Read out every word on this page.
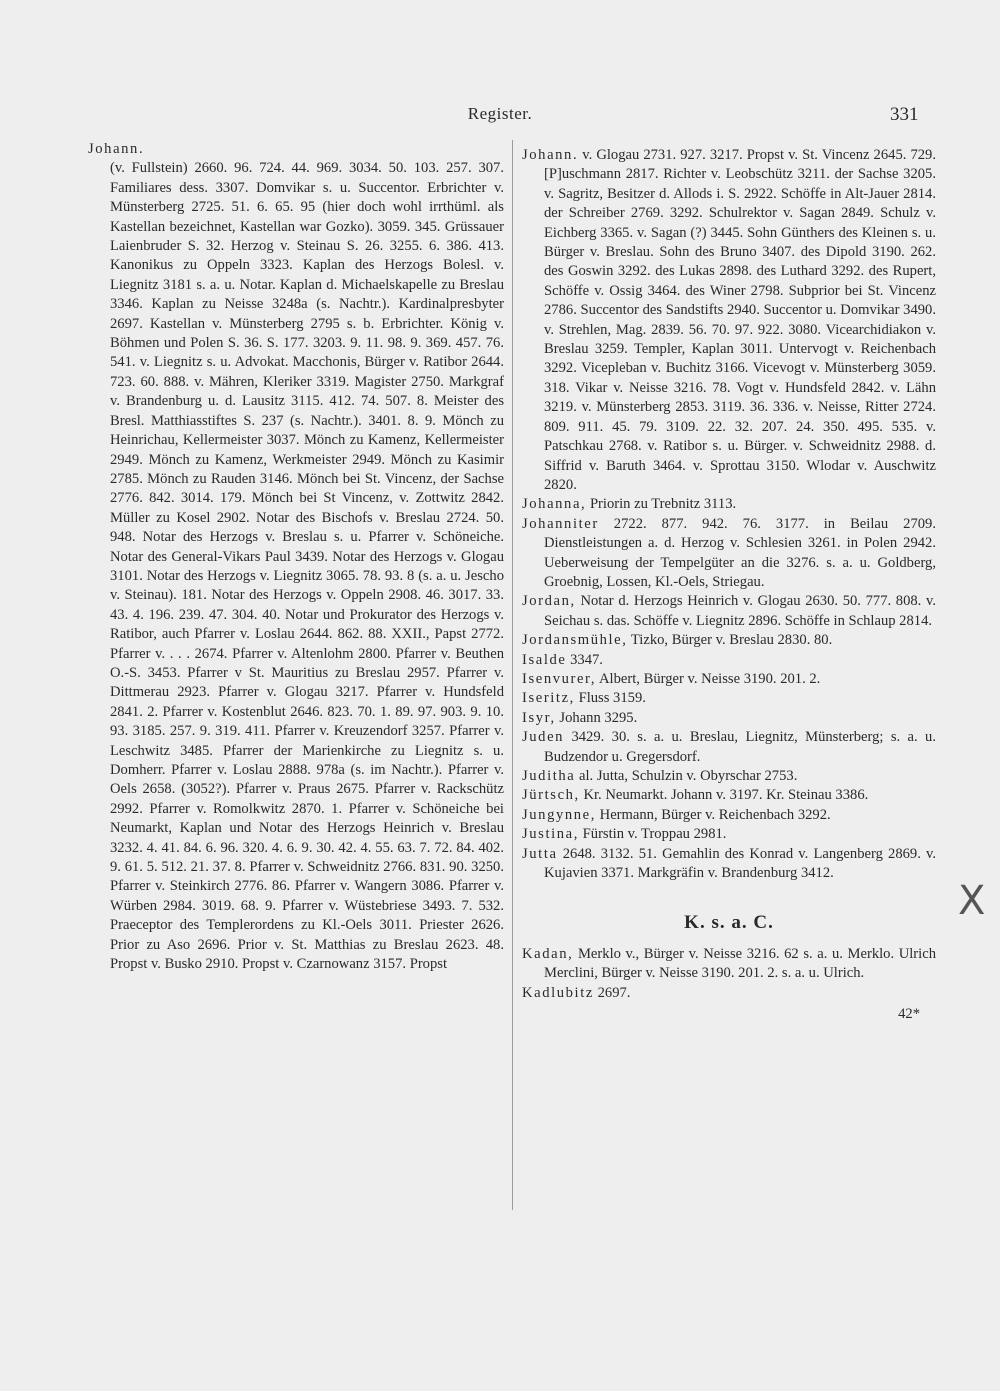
Register.	331
Johann.
(v. Fullstein) 2660. 96. 724. 44. 969. 3034. 50. 103. 257. 307. Familiares dess. 3307. Domvikar s. u. Succentor. Erbrichter v. Münsterberg 2725. 51. 6. 65. 95 (hier doch wohl irrthüml. als Kastellan bezeichnet, Kastellan war Gozko). 3059. 345. Grüssauer Laienbruder S. 32. Herzog v. Steinau S. 26. 3255. 6. 386. 413. Kanonikus zu Oppeln 3323. Kaplan des Herzogs Bolesl. v. Liegnitz 3181 s. a. u. Notar. Kaplan d. Michaelskapelle zu Breslau 3346. Kaplan zu Neisse 3248a (s. Nachtr.). Kardinalpresbyter 2697. Kastellan v. Münsterberg 2795 s. b. Erbrichter. König v. Böhmen und Polen S. 36. S. 177. 3203. 9. 11. 98. 9. 369. 457. 76. 541. v. Liegnitz s. u. Advokat. Macchonis, Bürger v. Ratibor 2644. 723. 60. 888. v. Mähren, Kleriker 3319. Magister 2750. Markgraf v. Brandenburg u. d. Lausitz 3115. 412. 74. 507. 8. Meister des Bresl. Matthiasstiftes S. 237 (s. Nachtr.). 3401. 8. 9. Mönch zu Heinrichau, Kellermeister 3037. Mönch zu Kamenz, Kellermeister 2949. Mönch zu Kamenz, Werkmeister 2949. Mönch zu Kasimir 2785. Mönch zu Rauden 3146. Mönch bei St. Vincenz, der Sachse 2776. 842. 3014. 179. Mönch bei St Vincenz, v. Zottwitz 2842. Müller zu Kosel 2902. Notar des Bischofs v. Breslau 2724. 50. 948. Notar des Herzogs v. Breslau s. u. Pfarrer v. Schöneiche. Notar des General-Vikars Paul 3439. Notar des Herzogs v. Glogau 3101. Notar des Herzogs v. Liegnitz 3065. 78. 93. 8 (s. a. u. Jescho v. Steinau). 181. Notar des Herzogs v. Oppeln 2908. 46. 3017. 33. 43. 4. 196. 239. 47. 304. 40. Notar und Prokurator des Herzogs v. Ratibor, auch Pfarrer v. Loslau 2644. 862. 88. XXII., Papst 2772. Pfarrer v. . . . 2674. Pfarrer v. Altenlohm 2800. Pfarrer v. Beuthen O.-S. 3453. Pfarrer v St. Mauritius zu Breslau 2957. Pfarrer v. Dittmerau 2923. Pfarrer v. Glogau 3217. Pfarrer v. Hundsfeld 2841. 2. Pfarrer v. Kostenblut 2646. 823. 70. 1. 89. 97. 903. 9. 10. 93. 3185. 257. 9. 319. 411. Pfarrer v. Kreuzendorf 3257. Pfarrer v. Leschwitz 3485. Pfarrer der Marienkirche zu Liegnitz s. u. Domherr. Pfarrer v. Loslau 2888. 978a (s. im Nachtr.). Pfarrer v. Oels 2658. (3052?). Pfarrer v. Praus 2675. Pfarrer v. Rackschütz 2992. Pfarrer v. Romolkwitz 2870. 1. Pfarrer v. Schöneiche bei Neumarkt, Kaplan und Notar des Herzogs Heinrich v. Breslau 3232. 4. 41. 84. 6. 96. 320. 4. 6. 9. 30. 42. 4. 55. 63. 7. 72. 84. 402. 9. 61. 5. 512. 21. 37. 8. Pfarrer v. Schweidnitz 2766. 831. 90. 3250. Pfarrer v. Steinkirch 2776. 86. Pfarrer v. Wangern 3086. Pfarrer v. Würben 2984. 3019. 68. 9. Pfarrer v. Wüstebriese 3493. 7. 532. Praeceptor des Templerordens zu Kl.-Oels 3011. Priester 2626. Prior zu Aso 2696. Prior v. St. Matthias zu Breslau 2623. 48. Propst v. Busko 2910. Propst v. Czarnowanz 3157. Propst

Johann. v. Glogau 2731. 927. 3217. Propst v. St. Vincenz 2645. 729. [P]uschmann 2817. Richter v. Leobschütz 3211. der Sachse 3205. v. Sagritz, Besitzer d. Allods i. S. 2922. Schöffe in Alt-Jauer 2814. der Schreiber 2769. 3292. Schulrektor v. Sagan 2849. Schulz v. Eichberg 3365. v. Sagan (?) 3445. Sohn Günthers des Kleinen s. u. Bürger v. Breslau. Sohn des Bruno 3407. des Dipold 3190. 262. des Goswin 3292. des Lukas 2898. des Luthard 3292. des Rupert, Schöffe v. Ossig 3464. des Winer 2798. Subprior bei St. Vincenz 2786. Succentor des Sandstifts 2940. Succentor u. Domvikar 3490. v. Strehlen, Mag. 2839. 56. 70. 97. 922. 3080. Vicearchidiakon v. Breslau 3259. Templer, Kaplan 3011. Untervogt v. Reichenbach 3292. Vicepleban v. Buchitz 3166. Vicevogt v. Münsterberg 3059. 318. Vikar v. Neisse 3216. 78. Vogt v. Hundsfeld 2842. v. Lähn 3219. v. Münsterberg 2853. 3119. 36. 336. v. Neisse, Ritter 2724. 809. 911. 45. 79. 3109. 22. 32. 207. 24. 350. 495. 535. v. Patschkau 2768. v. Ratibor s. u. Bürger. v. Schweidnitz 2988. d. Siffrid v. Baruth 3464. v. Sprottau 3150. Wlodar v. Auschwitz 2820.

Johanna, Priorin zu Trebnitz 3113.

Johanniter 2722. 877. 942. 76. 3177. in Beilau 2709. Dienstleistungen a. d. Herzog v. Schlesien 3261. in Polen 2942. Ueberweisung der Tempelgüter an die 3276. s. a. u. Goldberg, Groebnig, Lossen, Kl.-Oels, Striegau.

Jordan, Notar d. Herzogs Heinrich v. Glogau 2630. 50. 777. 808. v. Seichau s. das. Schöffe v. Liegnitz 2896. Schöffe in Schlaup 2814.

Jordansmühle, Tizko, Bürger v. Breslau 2830. 80.

Isalde 3347.

Isenvurer, Albert, Bürger v. Neisse 3190. 201. 2.

Iseritz, Fluss 3159.

Isyr, Johann 3295.

Juden 3429. 30. s. a. u. Breslau, Liegnitz, Münsterberg; s. a. u. Budzendor u. Gregersdorf.

Juditha al. Jutta, Schulzin v. Obyrschar 2753.

Jürtsch, Kr. Neumarkt. Johann v. 3197. Kr. Steinau 3386.

Jungynne, Hermann, Bürger v. Reichenbach 3292.

Justina, Fürstin v. Troppau 2981.

Jutta 2648. 3132. 51. Gemahlin des Konrad v. Langenberg 2869. v. Kujavien 3371. Markgräfin v. Brandenburg 3412.

K. s. a. C.

Kadan, Merklo v., Bürger v. Neisse 3216. 62 s. a. u. Merklo. Ulrich Merclini, Bürger v. Neisse 3190. 201. 2. s. a. u. Ulrich.

Kadlubitz 2697.

42*
X
